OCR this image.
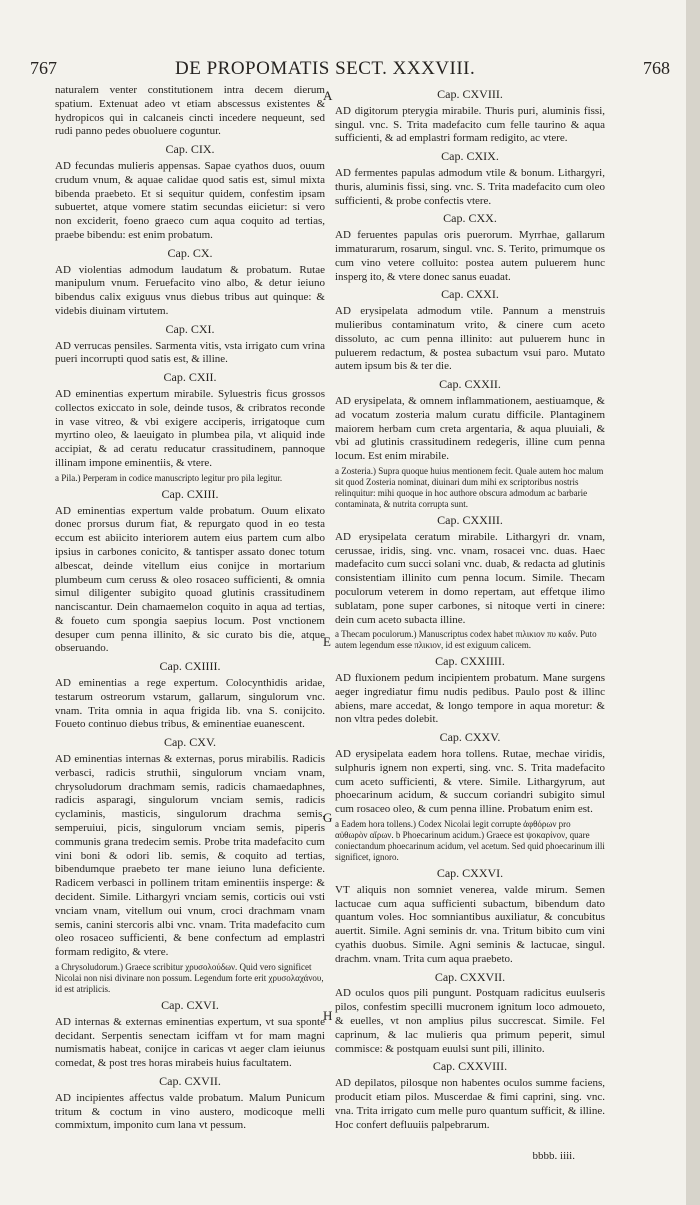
767	DE PROPOMATIS SECT. XXXVIII.	768

naturalem venter constitutionem intra decem dierum spatium. Extenuat adeo vt etiam abscessus existentes & hydropicos qui in calcaneis cincti incedere nequeunt, sed rudi panno pedes obuoluere coguntur.

Cap. CIX.

AD fecundas mulieris appensas. Sapae cyathos duos, ouum crudum vnum, & aquae calidae quod satis est, simul mixta bibenda praebeto. Et si sequitur quidem, confestim ipsam subuertet, atque vomere statim secundas eiicietur: si vero non exciderit, foeno graeco cum aqua coquito ad tertias, praebe bibendu: est enim probatum.

Cap. CX.

AD violentias admodum laudatum & probatum. Rutae manipulum vnum. Feruefacito vino albo, & detur ieiuno bibendus calix exiguus vnus diebus tribus aut quinque: & videbis diuinam virtutem.

Cap. CXI.

AD verrucas pensiles. Sarmenta vitis, vsta irrigato cum vrina pueri incorrupti quod satis est, & illine.

Cap. CXII.

AD eminentias expertum mirabile. Syluestris ficus grossos collectos exiccato in sole, deinde tusos, & cribratos reconde in vase vitreo, & vbi exigere acciperis, irrigatoque cum myrtino oleo, & laeuigato in plumbea pila, vt aliquid inde accipiat, & ad ceratu reducatur crassitudinem, pannoque illinam impone eminentiis, & vtere.

a Pila.) Perperam in codice manuscripto legitur pro pila legitur.

Cap. CXIII.

AD eminentias expertum valde probatum. Ouum elixato donec prorsus durum fiat, & repurgato quod in eo testa eccum est abiicito interiorem autem eius partem cum albo ipsius in carbones conicito, & tantisper assato donec totum albescat, deinde vitellum eius conijce in mortarium plumbeum cum ceruss & oleo rosaceo sufficienti, & omnia simul diligenter subigito quoad glutinis crassitudinem nanciscantur. Dein chamaemelon coquito in aqua ad tertias, & foueto cum spongia saepius locum. Post vnctionem desuper cum penna illinito, & sic curato bis die, atque obseruando.

Cap. CXIIII.

AD eminentias a rege expertum. Colocynthidis aridae, testarum ostreorum vstarum, gallarum, singulorum vnc. vnam. Trita omnia in aqua frigida lib. vna S. conijcito. Foueto continuo diebus tribus, & eminentiae euanescent.

Cap. CXV.

AD eminentias internas & externas, porus mirabilis. Radicis verbasci, radicis struthii, singulorum vnciam vnam, chrysoludorum drachmam semis, radicis chamaedaphnes, radicis asparagi, singulorum vnciam semis, radicis cyclaminis, masticis, singulorum drachma semis, semperuiui, picis, singulorum vnciam semis, piperis communis grana tredecim semis. Probe trita madefacito cum vini boni & odori lib. semis, & coquito ad tertias, bibendumque praebeto ter mane ieiuno luna deficiente. Radicem verbasci in pollinem tritam eminentiis insperge: & decident. Simile. Lithargyri vnciam semis, corticis oui vsti vnciam vnam, vitellum oui vnum, croci drachmam vnam semis, canini stercoris albi vnc. vnam. Trita madefacito cum oleo rosaceo sufficienti, & bene confectum ad emplastri formam redigito, & vtere.

a Chrysoludorum.) Graece scribitur χρυσολούδων. Quid vero significet Nicolai non nisi divinare non possum. Legendum forte erit χρυσολαχάνου, id est atriplicis.

Cap. CXVI.

AD internas & externas eminentias expertum, vt sua sponte decidant. Serpentis senectam iciffam vt for mam magni numismatis habeat, conijce in caricas vt aeger clam ieiunus comedat, & post tres horas mirabeis huius facultatem.

Cap. CXVII.

AD incipientes affectus valde probatum. Malum Punicum tritum & coctum in vino austero, modicoque melli commixtum, imponito cum lana vt pessum.

Cap. CXVIII.

AD digitorum pterygia mirabile. Thuris puri, aluminis fissi, singul. vnc. S. Trita madefacito cum felle taurino & aqua sufficienti, & ad emplastri formam redigito, ac vtere.

Cap. CXIX.

AD fermentes papulas admodum vtile & bonum. Lithargyri, thuris, aluminis fissi, sing. vnc. S. Trita madefacito cum oleo sufficienti, & probe confectis vtere.

Cap. CXX.

AD feruentes papulas oris puerorum. Myrrhae, gallarum immaturarum, rosarum, singul. vnc. S. Terito, primumque os cum vino vetere colluito: postea autem puluerem hunc insperg ito, & vtere donec sanus euadat.

Cap. CXXI.

AD erysipelata admodum vtile. Pannum a menstruis mulieribus contaminatum vrito, & cinere cum aceto dissoluto, ac cum penna illinito: aut puluerem hunc in puluerem redactum, & postea subactum vsui paro. Mutato autem ipsum bis & ter die.

Cap. CXXII.

AD erysipelata, & omnem inflammationem, aestiuamque, & ad vocatum zosteria malum curatu difficile. Plantaginem maiorem herbam cum creta argentaria, & aqua pluuiali, & vbi ad glutinis crassitudinem redegeris, illine cum penna locum. Est enim mirabile.

a Zosteria.) Supra quoque huius mentionem fecit. Quale autem hoc malum sit quod Zosteria nominat, diuinari dum mihi ex scriptoribus nostris relinquitur: mihi quoque in hoc authore obscura admodum ac barbarie contaminata, & nutrita corrupta sunt.

Cap. CXXIII.

AD erysipelata ceratum mirabile. Lithargyri dr. vnam, cerussae, iridis, sing. vnc. vnam, rosacei vnc. duas. Haec madefacito cum succi solani vnc. duab, & redacta ad glutinis consistentiam illinito cum penna locum. Simile. Thecam poculorum veterem in domo repertam, aut effetque ilimo sublatam, pone super carbones, si nitoque verti in cinere: dein cum aceto subacta illine.

a Thecam poculorum.) Manuscriptus codex habet πιλικιον πυ καδν. Puto autem legendum esse πλικιον, id est exiguum calicem.

Cap. CXXIIII.

AD fluxionem pedum incipientem probatum. Mane surgens aeger ingrediatur fimu nudis pedibus. Paulo post & illinc abiens, mare accedat, & longo tempore in aqua moretur: & non vltra pedes dolebit.

Cap. CXXV.

AD erysipelata eadem hora tollens. Rutae, mechae viridis, sulphuris ignem non experti, sing. vnc. S. Trita madefacito cum aceto sufficienti, & vtere. Simile. Lithargyrum, aut phoecarinum acidum, & succum coriandri subigito simul cum rosaceo oleo, & cum penna illine. Probatum enim est.

a Eadem hora tollens.) Codex Nicolai legit corrupte ἀφθόρων pro αὐθωρὸν αἴρων. b Phoecarinum acidum.) Graece est ψοκαρίνον, quare coniectandum phoecarinum acidum, vel acetum. Sed quid phoecarinum illi significet, ignoro.

Cap. CXXVI.

VT aliquis non somniet venerea, valde mirum. Semen lactucae cum aqua sufficienti subactum, bibendum dato quantum voles. Hoc somniantibus auxiliatur, & concubitus auertit. Simile. Agni seminis dr. vna. Tritum bibito cum vini cyathis duobus. Simile. Agni seminis & lactucae, singul. drachm. vnam. Trita cum aqua praebeto.

Cap. CXXVII.

AD oculos quos pili pungunt. Postquam radicitus euulseris pilos, confestim specilli mucronem ignitum loco admoueto, & euelles, vt non amplius pilus succrescat. Simile. Fel caprinum, & lac mulieris qua primum peperit, simul commisce: & postquam euulsi sunt pili, illinito.

Cap. CXXVIII.

AD depilatos, pilosque non habentes oculos summe faciens, producit etiam pilos. Muscerdae & fimi caprini, sing. vnc. vna. Trita irrigato cum melle puro quantum sufficit, & illine. Hoc confert defluuiis palpebrarum.

A
E
G
H
bbbb. iiii.
